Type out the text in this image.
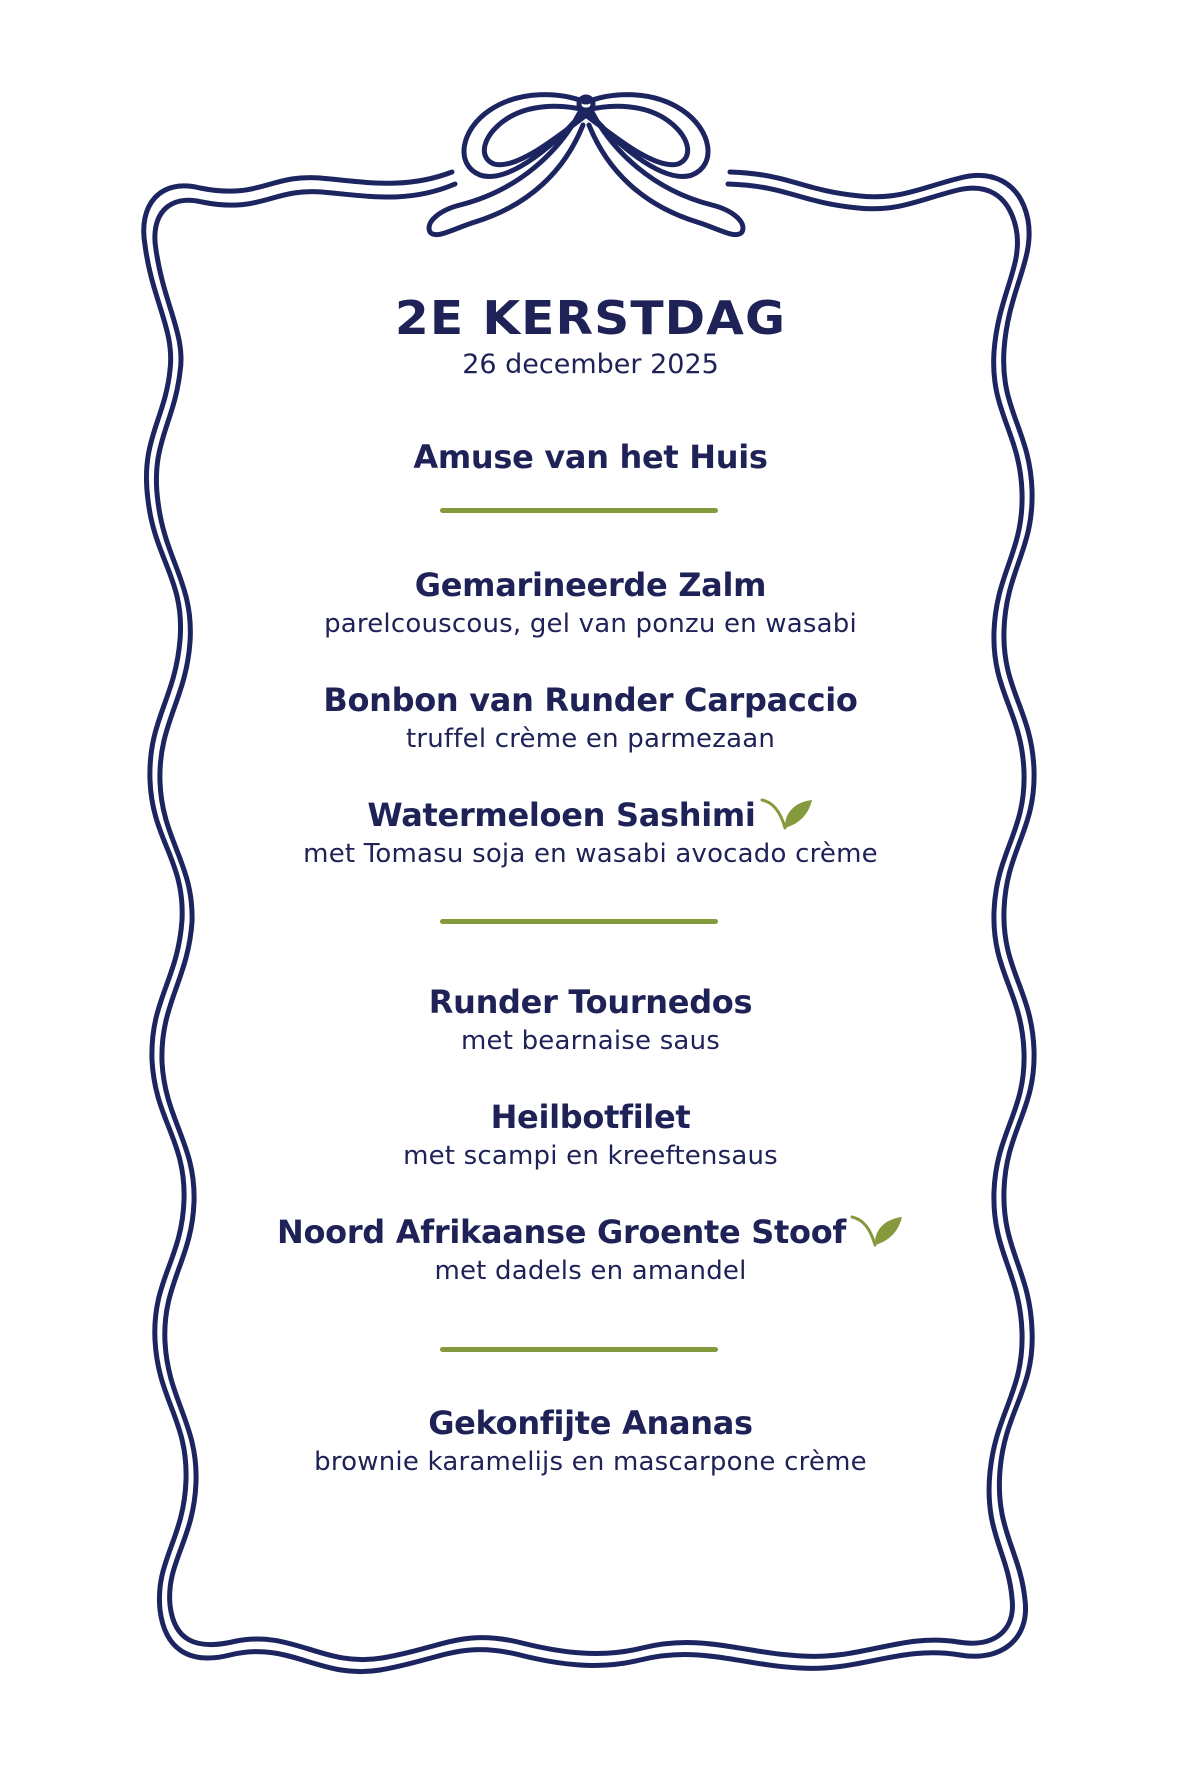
2E KERSTDAG
26 december 2025
Amuse van het Huis
Gemarineerde Zalm
parelcouscous, gel van ponzu en wasabi
Bonbon van Runder Carpaccio
truffel crème en parmezaan
Watermeloen Sashimi
met Tomasu soja en wasabi avocado crème
Runder Tournedos
met bearnaise saus
Heilbotfilet
met scampi en kreeftensaus
Noord Afrikaanse Groente Stoof
met dadels en amandel
Gekonfijte Ananas
brownie karamelijs en mascarpone crème
